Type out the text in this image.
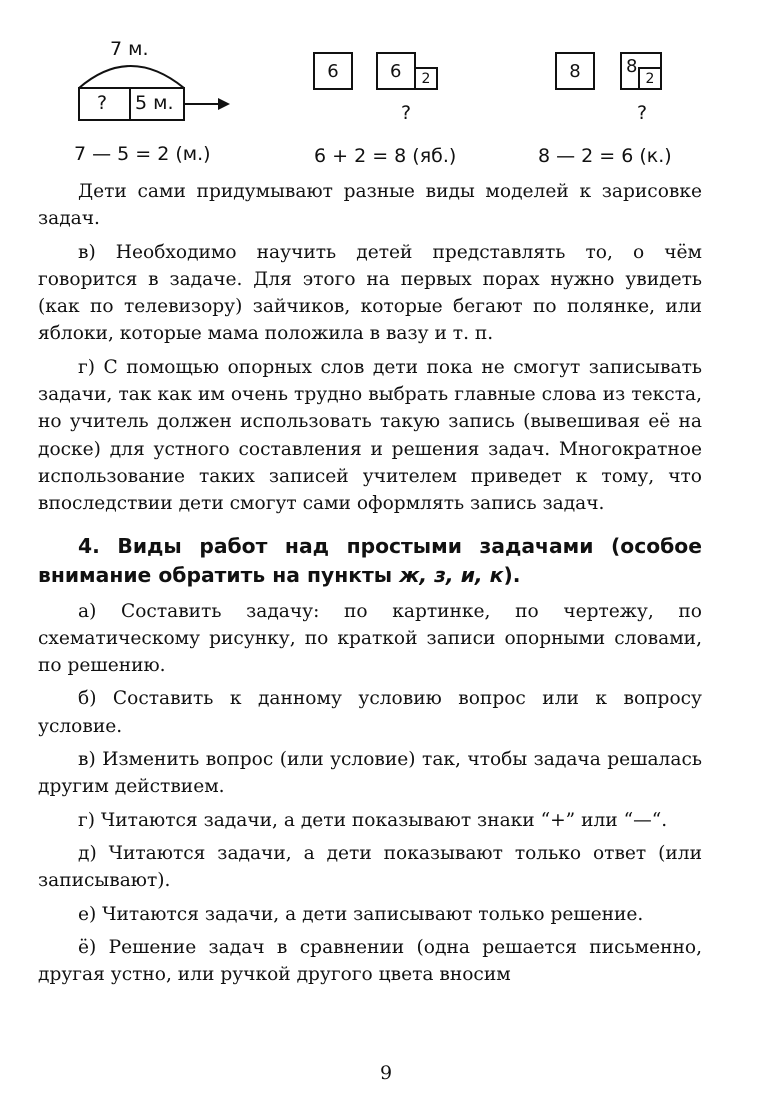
7 м.
? 5 м.
7 — 5 = 2 (м.)
6	6	2
?
6 + 2 = 8 (яб.)
8	8
2
?
8 — 2 = 6 (к.)

Дети сами придумывают разные виды моделей к зарисовке задач.

в) Необходимо научить детей представлять то, о чём говорится в задаче. Для этого на первых порах нужно увидеть (как по телевизору) зайчиков, которые бегают по полянке, или яблоки, которые мама положила в вазу и т. п.

г) С помощью опорных слов дети пока не смогут записывать задачи, так как им очень трудно выбрать главные слова из текста, но учитель должен использовать такую запись (вывешивая её на доске) для устного составления и решения задач. Многократное использование таких записей учителем приведет к тому, что впоследствии дети смогут сами оформлять запись задач.

4. Виды работ над простыми задачами (особое внимание обратить на пункты ж, з, и, к).

а) Составить задачу: по картинке, по чертежу, по схематическому рисунку, по краткой записи опорными словами, по решению.

б) Составить к данному условию вопрос или к вопросу условие.

в) Изменить вопрос (или условие) так, чтобы задача решалась другим действием.

г) Читаются задачи, а дети показывают знаки “+” или “—“.

д) Читаются задачи, а дети показывают только ответ (или записывают).

е) Читаются задачи, а дети записывают только решение.

ё) Решение задач в сравнении (одна решается письменно, другая устно, или ручкой другого цвета вносим

9
